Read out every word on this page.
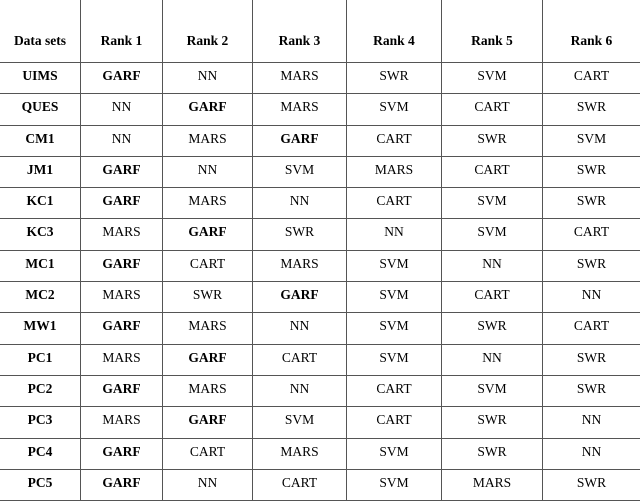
Data sets	Rank 1	Rank 2	Rank 3	Rank 4	Rank 5	Rank 6
UIMS	GARF	NN	MARS	SWR	SVM	CART
QUES	NN	GARF	MARS	SVM	CART	SWR
CM1	NN	MARS	GARF	CART	SWR	SVM
JM1	GARF	NN	SVM	MARS	CART	SWR
KC1	GARF	MARS	NN	CART	SVM	SWR
KC3	MARS	GARF	SWR	NN	SVM	CART
MC1	GARF	CART	MARS	SVM	NN	SWR
MC2	MARS	SWR	GARF	SVM	CART	NN
MW1	GARF	MARS	NN	SVM	SWR	CART
PC1	MARS	GARF	CART	SVM	NN	SWR
PC2	GARF	MARS	NN	CART	SVM	SWR
PC3	MARS	GARF	SVM	CART	SWR	NN
PC4	GARF	CART	MARS	SVM	SWR	NN
PC5	GARF	NN	CART	SVM	MARS	SWR
